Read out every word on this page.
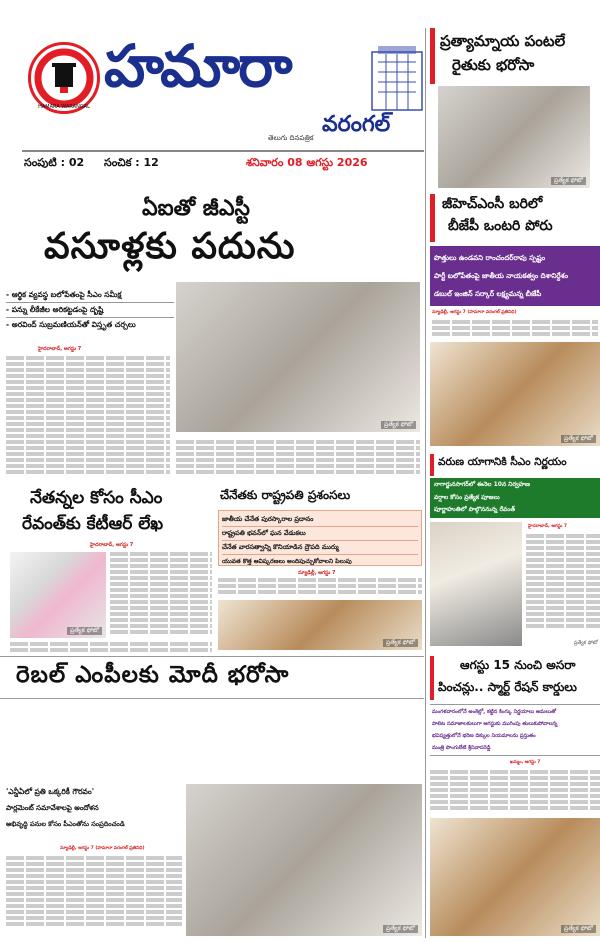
HAMARA WARANGAL
హమారా
వరంగల్
తెలుగు దినపత్రిక
సంపుటి : 02 సంచిక : 12	శనివారం 08 ఆగస్టు 2026
ప్రత్యామ్నాయ పంటలే
రైతుకు భరోసా
ప్రత్యేక ఫోటో
ఏఐతో జీఎస్టీ
వసూళ్లకు పదును
- ఆర్థిక వ్యవస్థ బలోపేతంపై సీఎం సమీక్ష
- పన్ను లీకేజీల అరికట్టడంపై దృష్టి
- అరవింద్ సుబ్రమణియన్‌తో విస్తృత చర్చలు
హైదరాబాద్, ఆగస్టు 7
ప్రత్యేక ఫోటో
జీహెచ్ఎంసీ బరిలో
బీజేపీ ఒంటరి పోరు
పొత్తులు ఉండవని రాంచందర్‌రావు స్పష్టం
పార్టీ బలోపేతంపై జాతీయ నాయకత్వం దిశానిర్దేశం
డబుల్ ఇంజిన్ సర్కార్ లక్ష్యమన్న బీజేపీ
న్యూఢిల్లీ, ఆగస్టు 7 (హమారా వరంగల్ ప్రతినిధి)
ప్రత్యేక ఫోటో
నేతన్నల కోసం సీఎం
రేవంత్‌కు కేటీఆర్ లేఖ
హైదరాబాద్, ఆగస్టు 7
ప్రత్యేక ఫోటో
చేనేతకు రాష్ట్రపతి ప్రశంసలు
జాతీయ చేనేత పురస్కారాల ప్రదానం
రాష్ట్రపతి భవన్‌లో ఘన వేడుకలు
చేనేత వారసత్వాన్ని కొనియాడిన ద్రౌపది ముర్ము
యువత కొత్త ఆవిష్కరణలు అందిపుచ్చుకోవాలని పిలుపు
న్యూఢిల్లీ, ఆగస్టు 7
ప్రత్యేక ఫోటో
వరుణ యాగానికి సీఎం నిర్ణయం
నాగార్జునసాగర్‌లో ఈనెల 10న నిర్వహణ
వర్షాల కోసం ప్రత్యేక పూజలు
పూర్ణాహుతిలో పాల్గొననున్న రేవంత్
హైదరాబాద్, ఆగస్టు 7
ప్రత్యేక ఫోటో
ఆగస్టు 15 నుంచి అసరా
పించన్లు.. స్మార్ట్ రేషన్ కార్డులు
మంగళవారంలోనే అంకెల్లో, కట్టిన కింగ్కు నిర్ణయాలు అమలుతో
పాలిట సమాజాలకులుగా ఆగస్టుకు ముగింపు తులుకుపోవాలన్న
భవిష్యత్తులోనే భరిణ దిక్కుల నియమాలను ప్రస్తుతం
మంత్రి పొంగులేటి శ్రీనివాసరెడ్డి
ఖమ్మం, ఆగస్టు 7
ప్రత్యేక ఫోటో
రెబల్ ఎంపీలకు మోదీ భరోసా
'ఎన్డీఏలో ప్రతి ఒక్కరికీ గౌరవం'
పార్లమెంట్ సమావేశాలపై అందోళన
అభివృద్ధి పనుల కోసం పీఎంతోను సంప్రదించండి
ప్రత్యేక ఫోటో
న్యూఢిల్లీ, ఆగస్టు 7 (హమారా వరంగల్ ప్రతినిధి)
